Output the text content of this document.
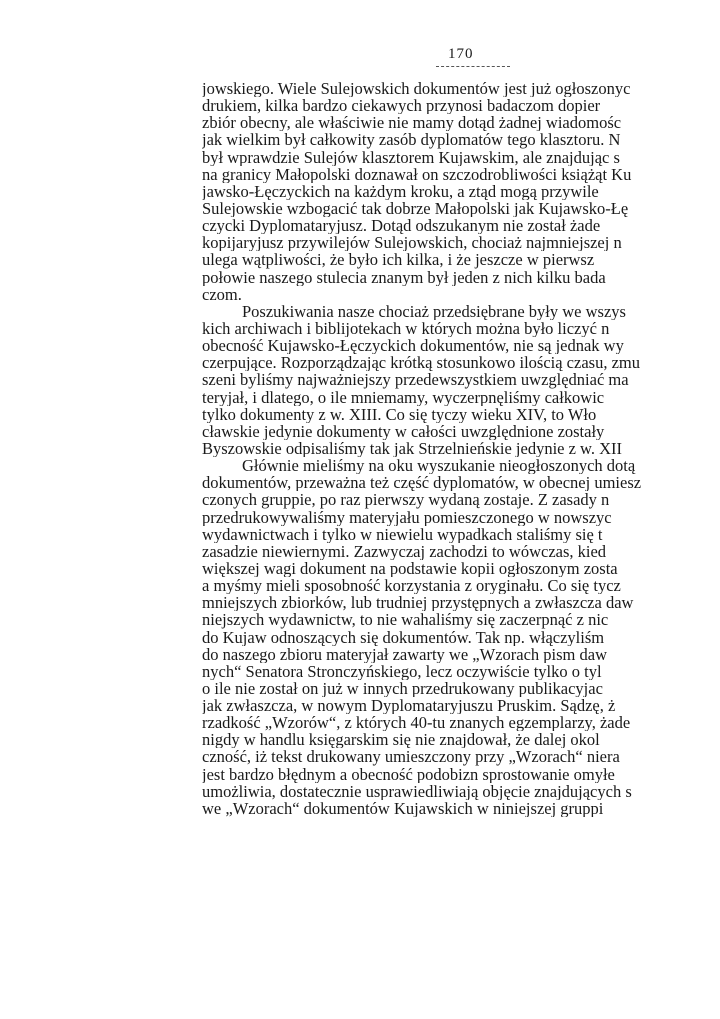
170
jowskiego. Wiele Sulejowskich dokumentów jest już ogłoszonyc
drukiem, kilka bardzo ciekawych przynosi badaczom dopier
zbiór obecny, ale właściwie nie mamy dotąd żadnej wiadomośc
jak wielkim był całkowity zasób dyplomatów tego klasztoru. N
był wprawdzie Sulejów klasztorem Kujawskim, ale znajdując s
na granicy Małopolski doznawał on szczodrobliwości książąt Ku
jawsko-Łęczyckich na każdym kroku, a ztąd mogą przywile
Sulejowskie wzbogacić tak dobrze Małopolski jak Kujawsko-Łę
czycki Dyplomataryjusz. Dotąd odszukanym nie został żade
kopijaryjusz przywilejów Sulejowskich, chociaż najmniejszej n
ulega wątpliwości, że było ich kilka, i że jeszcze w pierwsz
połowie naszego stulecia znanym był jeden z nich kilku bada
czom.
Poszukiwania nasze chociaż przedsiębrane były we wszys
kich archiwach i biblijotekach w których można było liczyć n
obecność Kujawsko-Łęczyckich dokumentów, nie są jednak wy
czerpujące. Rozporządzając krótką stosunkowo ilością czasu, zmu
szeni byliśmy najważniejszy przedewszystkiem uwzględniać ma
teryjał, i dlatego, o ile mniemamy, wyczerpnęliśmy całkowic
tylko dokumenty z w. XIII. Co się tyczy wieku XIV, to Wło
cławskie jedynie dokumenty w całości uwzględnione zostały
Byszowskie odpisaliśmy tak jak Strzelnieńskie jedynie z w. XII
Głównie mieliśmy na oku wyszukanie nieogłoszonych dotą
dokumentów, przeważna też część dyplomatów, w obecnej umiesz
czonych gruppie, po raz pierwszy wydaną zostaje. Z zasady n
przedrukowywaliśmy materyjału pomieszczonego w nowszyc
wydawnictwach i tylko w niewielu wypadkach staliśmy się t
zasadzie niewiernymi. Zazwyczaj zachodzi to wówczas, kied
większej wagi dokument na podstawie kopii ogłoszonym zosta
a myśmy mieli sposobność korzystania z oryginału. Co się tycz
mniejszych zbiorków, lub trudniej przystępnych a zwłaszcza daw
niejszych wydawnictw, to nie wahaliśmy się zaczerpnąć z nic
do Kujaw odnoszących się dokumentów. Tak np. włączyliśm
do naszego zbioru materyjał zawarty we „Wzorach pism daw
nych“ Senatora Stronczyńskiego, lecz oczywiście tylko o tyl
o ile nie został on już w innych przedrukowany publikacyjac
jak zwłaszcza, w nowym Dyplomataryjuszu Pruskim. Sądzę, ż
rzadkość „Wzorów“, z których 40-tu znanych egzemplarzy, żade
nigdy w handlu księgarskim się nie znajdował, że dalej okol
czność, iż tekst drukowany umieszczony przy „Wzorach“ niera
jest bardzo błędnym a obecność podobizn sprostowanie omyłe
umożliwia, dostatecznie usprawiedliwiają objęcie znajdujących s
we „Wzorach“ dokumentów Kujawskich w niniejszej gruppi
